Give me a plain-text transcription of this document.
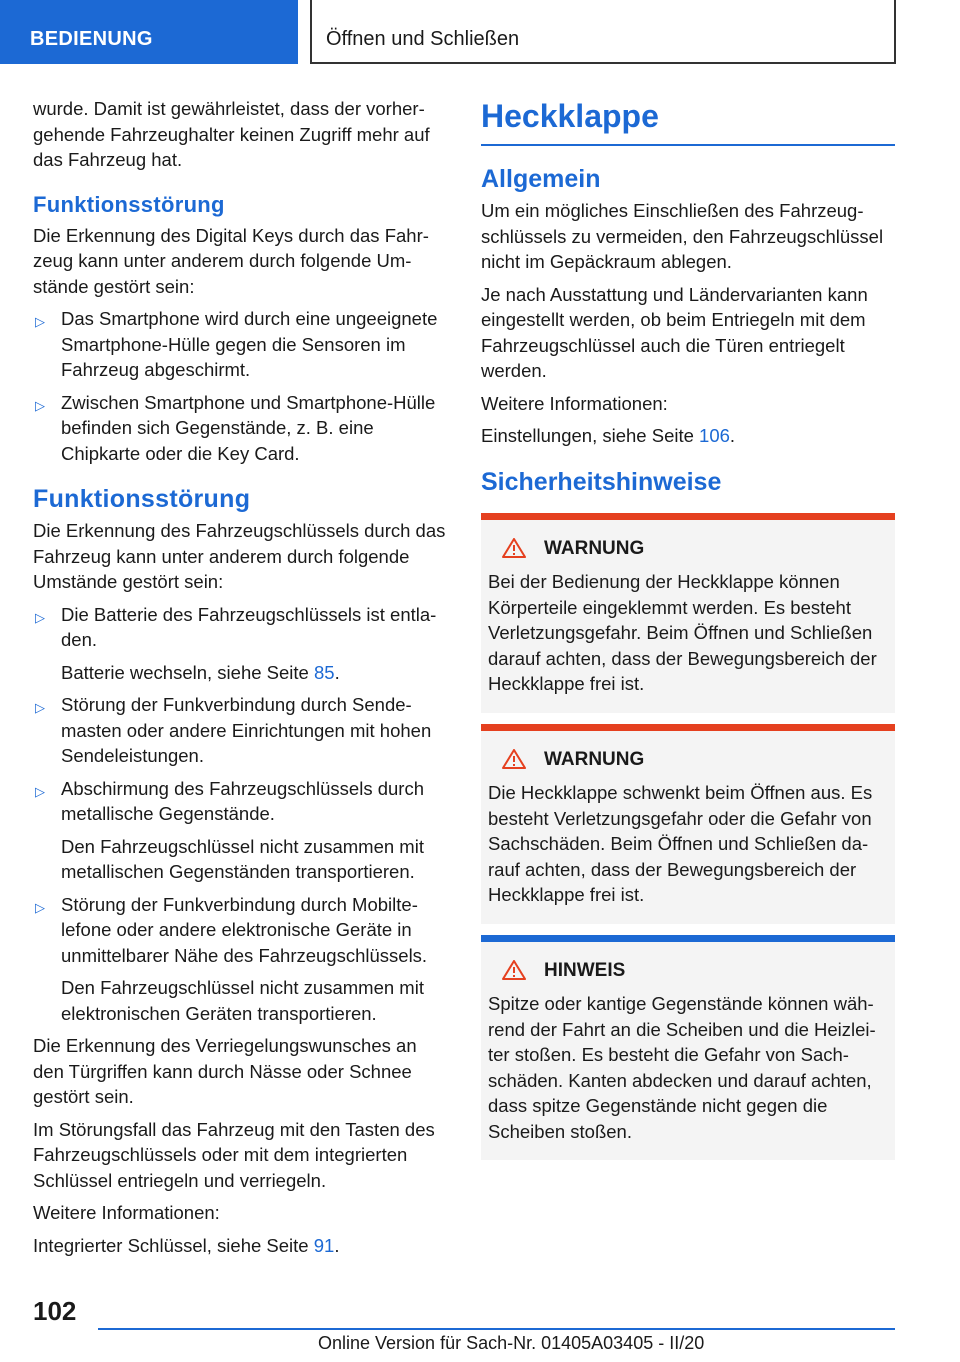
BEDIENUNG	Öffnen und Schließen

wurde. Damit ist gewährleistet, dass der vorhergehende Fahrzeughalter keinen Zugriff mehr auf das Fahrzeug hat.

Funktionsstörung

Die Erkennung des Digital Keys durch das Fahrzeug kann unter anderem durch folgende Umstände gestört sein:

▷ Das Smartphone wird durch eine ungeeignete Smartphone-Hülle gegen die Sensoren im Fahrzeug abgeschirmt.
▷ Zwischen Smartphone und Smartphone-Hülle befinden sich Gegenstände, z. B. eine Chipkarte oder die Key Card.
Funktionsstörung

Die Erkennung des Fahrzeugschlüssels durch das Fahrzeug kann unter anderem durch folgende Umstände gestört sein:

▷ Die Batterie des Fahrzeugschlüssels ist entladen.
Batterie wechseln, siehe Seite 85.
▷ Störung der Funkverbindung durch Sendemasten oder andere Einrichtungen mit hohen Sendeleistungen.
▷ Abschirmung des Fahrzeugschlüssels durch metallische Gegenstände.
Den Fahrzeugschlüssel nicht zusammen mit metallischen Gegenständen transportieren.
▷ Störung der Funkverbindung durch Mobiltelefone oder andere elektronische Geräte in unmittelbarer Nähe des Fahrzeugschlüssels.
Den Fahrzeugschlüssel nicht zusammen mit elektronischen Geräten transportieren.

Die Erkennung des Verriegelungswunsches an den Türgriffen kann durch Nässe oder Schnee gestört sein.

Im Störungsfall das Fahrzeug mit den Tasten des Fahrzeugschlüssels oder mit dem integrierten Schlüssel entriegeln und verriegeln.

Weitere Informationen:

Integrierter Schlüssel, siehe Seite 91.

Heckklappe
Allgemein

Um ein mögliches Einschließen des Fahrzeugschlüssels zu vermeiden, den Fahrzeugschlüssel nicht im Gepäckraum ablegen.

Je nach Ausstattung und Ländervarianten kann eingestellt werden, ob beim Entriegeln mit dem Fahrzeugschlüssel auch die Türen entriegelt werden.

Weitere Informationen:

Einstellungen, siehe Seite 106.

Sicherheitshinweise
WARNUNG
Bei der Bedienung der Heckklappe können Körperteile eingeklemmt werden. Es besteht Verletzungsgefahr. Beim Öffnen und Schließen darauf achten, dass der Bewegungsbereich der Heckklappe frei ist.
WARNUNG
Die Heckklappe schwenkt beim Öffnen aus. Es besteht Verletzungsgefahr oder die Gefahr von Sachschäden. Beim Öffnen und Schließen darauf achten, dass der Bewegungsbereich der Heckklappe frei ist.
HINWEIS
Spitze oder kantige Gegenstände können während der Fahrt an die Scheiben und die Heizleiter stoßen. Es besteht die Gefahr von Sachschäden. Kanten abdecken und darauf achten, dass spitze Gegenstände nicht gegen die Scheiben stoßen.
102
Online Version für Sach-Nr. 01405A03405 - II/20
